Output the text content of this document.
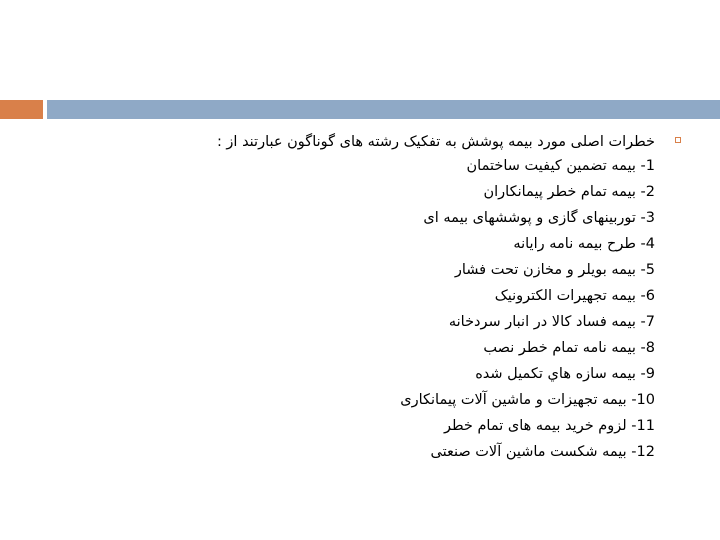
خطرات اصلی مورد بیمه پوشش به تفکیک رشته های گوناگون عبارتند از :
1- بیمه تضمین کیفیت ساختمان
2- بیمه تمام خطر پیمانکاران
3- توربینهای گازی و پوششهای بیمه ای
4- طرح بیمه نامه رایانه
5- بیمه بویلر و مخازن تحت فشار
6- بیمه تجهیرات الکترونیک
7- بیمه فساد کالا در انبار سردخانه
8- بیمه نامه تمام خطر نصب
9- بیمه سازه هاي تکمیل شده
10- بیمه تجهیزات و ماشین آلات پیمانکاری
11- لزوم خرید بیمه های تمام خطر
12- بیمه شکست ماشین آلات صنعتی
